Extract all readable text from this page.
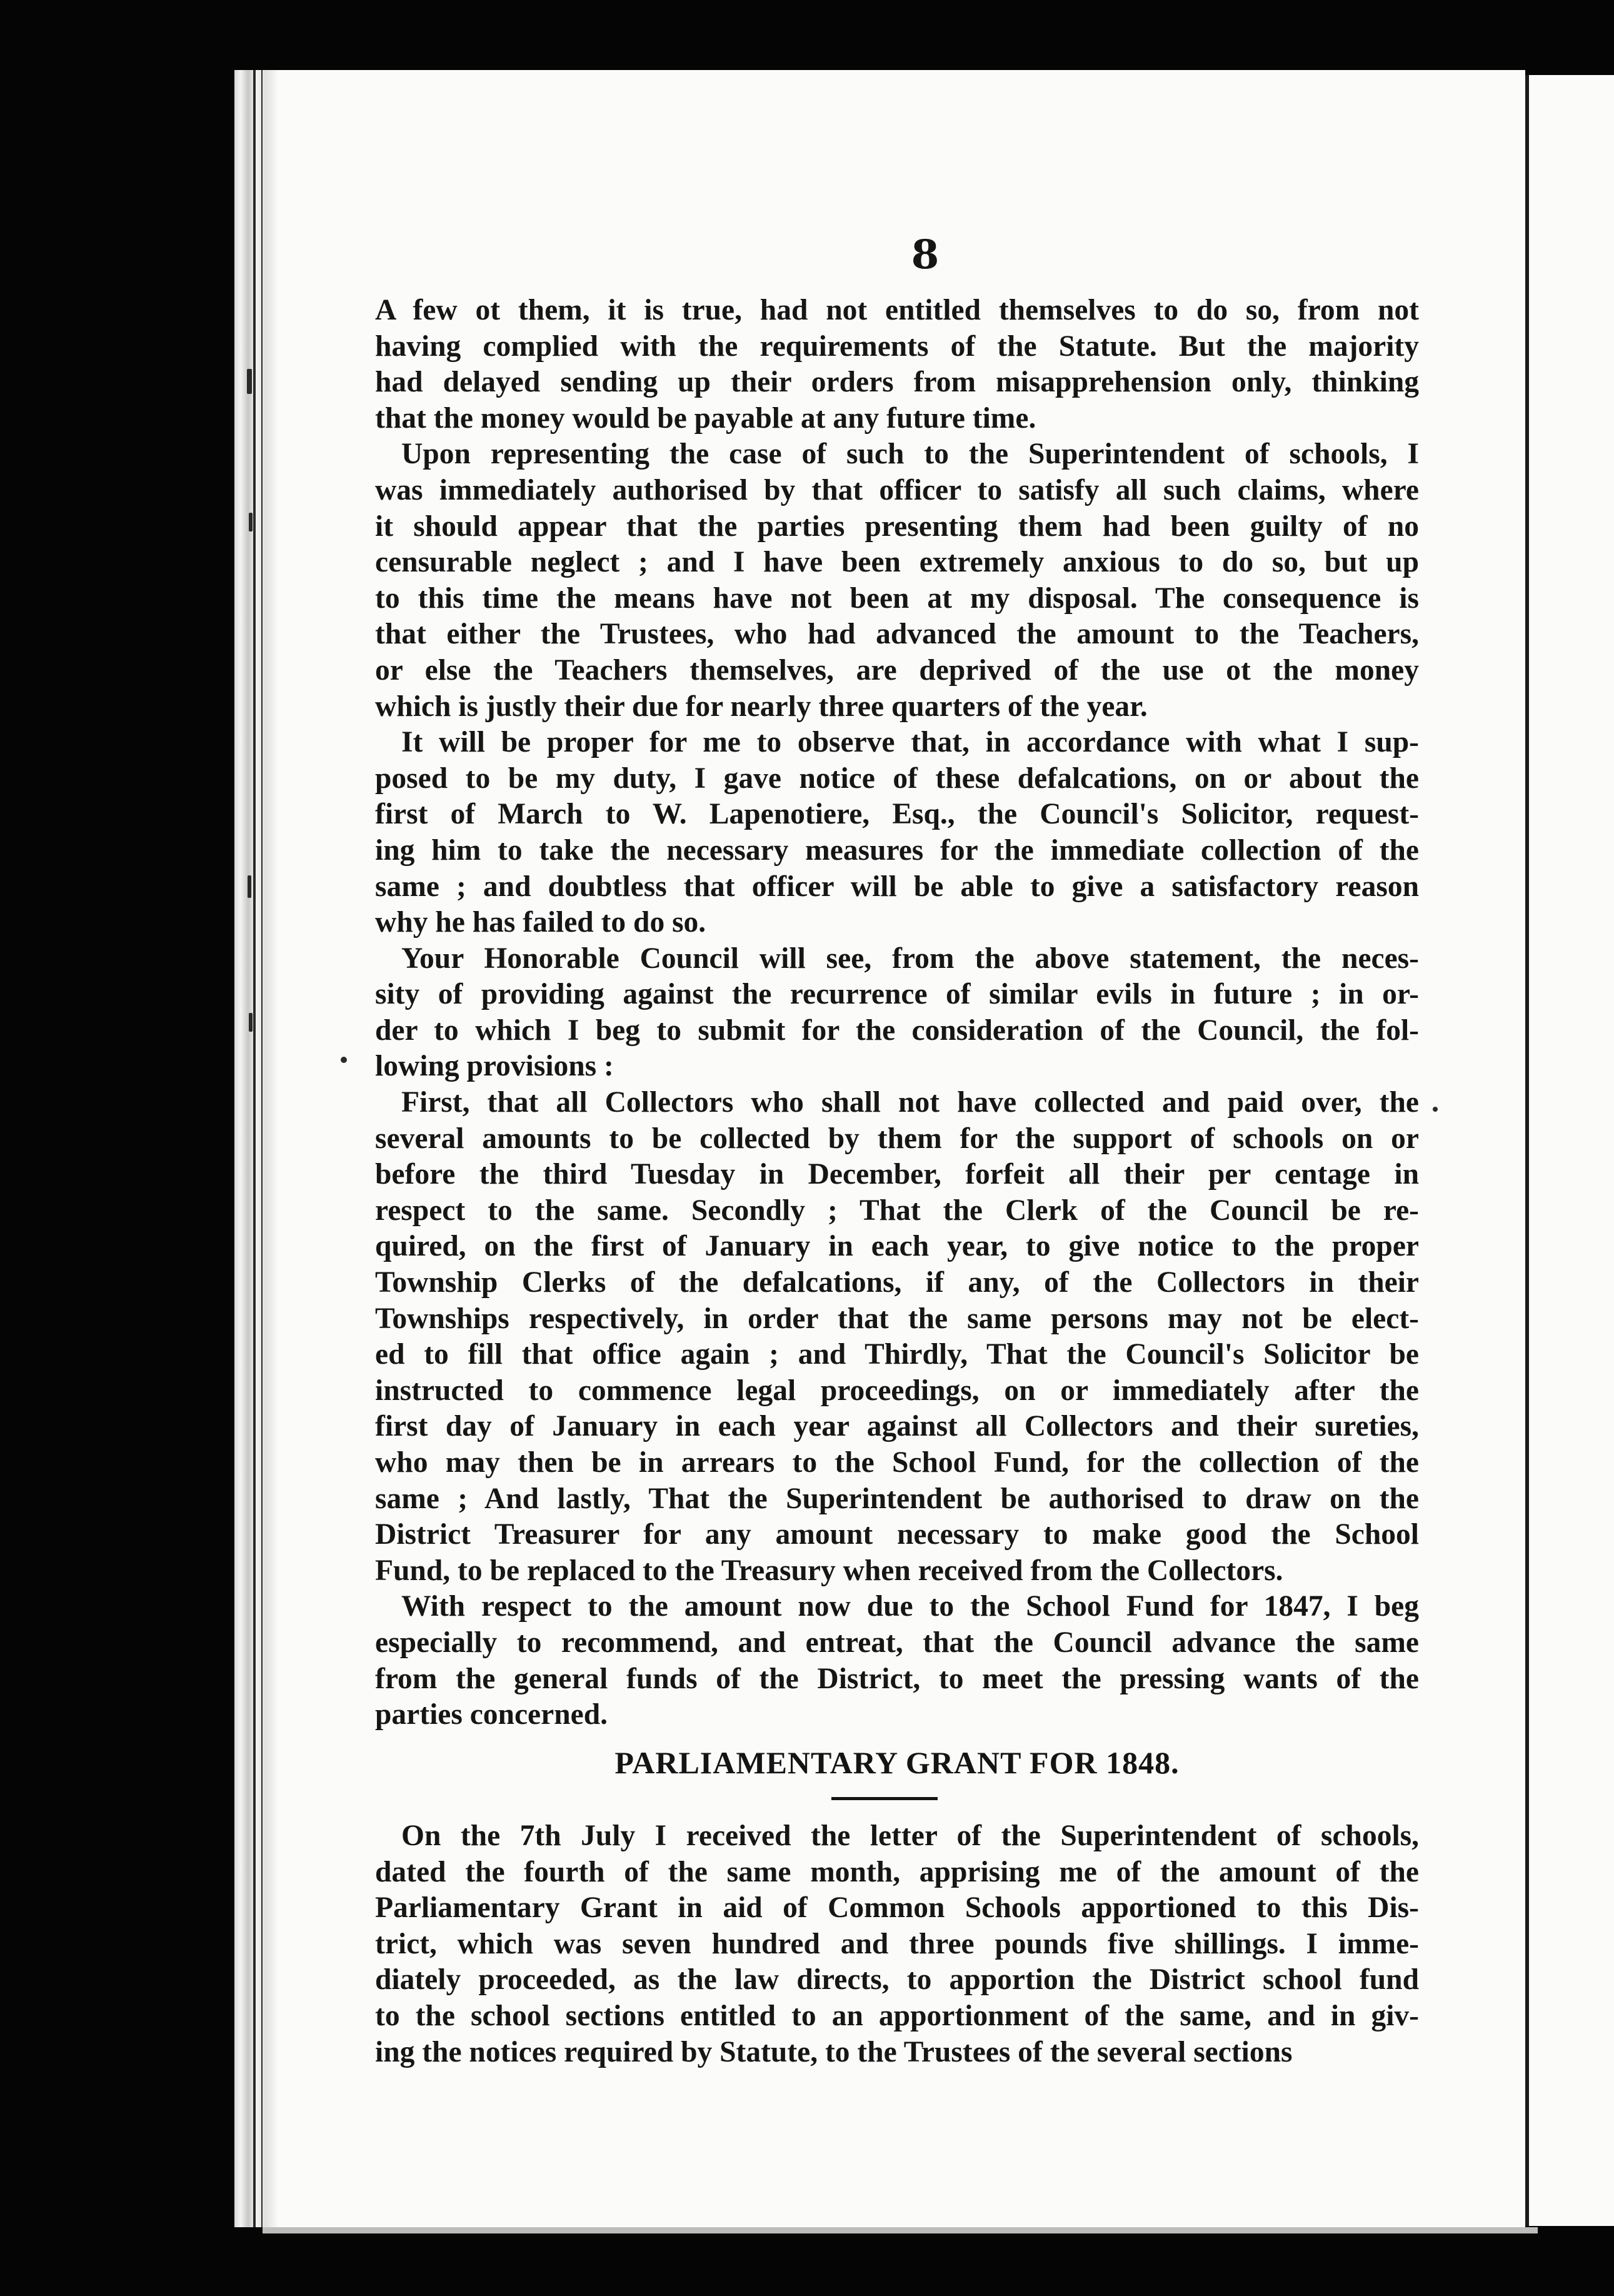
8
A few ot them, it is true, had not entitled themselves to do so, from not
having complied with the requirements of the Statute. But the majority
had delayed sending up their orders from misapprehension only, thinking
that the money would be payable at any future time.
Upon representing the case of such to the Superintendent of schools, I
was immediately authorised by that officer to satisfy all such claims, where
it should appear that the parties presenting them had been guilty of no
censurable neglect ; and I have been extremely anxious to do so, but up
to this time the means have not been at my disposal. The consequence is
that either the Trustees, who had advanced the amount to the Teachers,
or else the Teachers themselves, are deprived of the use ot the money
which is justly their due for nearly three quarters of the year.
It will be proper for me to observe that, in accordance with what I sup-
posed to be my duty, I gave notice of these defalcations, on or about the
first of March to W. Lapenotiere, Esq., the Council's Solicitor, request-
ing him to take the necessary measures for the immediate collection of the
same ; and doubtless that officer will be able to give a satisfactory reason
why he has failed to do so.
Your Honorable Council will see, from the above statement, the neces-
sity of providing against the recurrence of similar evils in future ; in or-
der to which I beg to submit for the consideration of the Council, the fol-
lowing provisions :
First, that all Collectors who shall not have collected and paid over, the
several amounts to be collected by them for the support of schools on or
before the third Tuesday in December, forfeit all their per centage in
respect to the same. Secondly ; That the Clerk of the Council be re-
quired, on the first of January in each year, to give notice to the proper
Township Clerks of the defalcations, if any, of the Collectors in their
Townships respectively, in order that the same persons may not be elect-
ed to fill that office again ; and Thirdly, That the Council's Solicitor be
instructed to commence legal proceedings, on or immediately after the
first day of January in each year against all Collectors and their sureties,
who may then be in arrears to the School Fund, for the collection of the
same ; And lastly, That the Superintendent be authorised to draw on the
District Treasurer for any amount necessary to make good the School
Fund, to be replaced to the Treasury when received from the Collectors.
With respect to the amount now due to the School Fund for 1847, I beg
especially to recommend, and entreat, that the Council advance the same
from the general funds of the District, to meet the pressing wants of the
parties concerned.
PARLIAMENTARY GRANT FOR 1848.
On the 7th July I received the letter of the Superintendent of schools,
dated the fourth of the same month, apprising me of the amount of the
Parliamentary Grant in aid of Common Schools apportioned to this Dis-
trict, which was seven hundred and three pounds five shillings. I imme-
diately proceeded, as the law directs, to apportion the District school fund
to the school sections entitled to an apportionment of the same, and in giv-
ing the notices required by Statute, to the Trustees of the several sections
